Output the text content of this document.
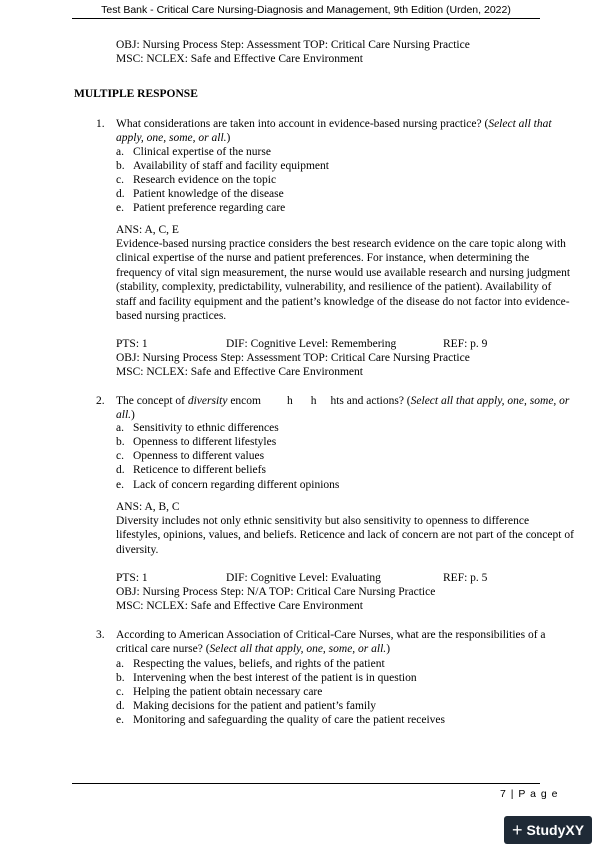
Test Bank - Critical Care Nursing-Diagnosis and Management, 9th Edition (Urden, 2022)
OBJ: Nursing Process Step: Assessment TOP: Critical Care Nursing Practice
MSC: NCLEX: Safe and Effective Care Environment
MULTIPLE RESPONSE
1. What considerations are taken into account in evidence-based nursing practice? (Select all that apply, one, some, or all.)
a. Clinical expertise of the nurse
b. Availability of staff and facility equipment
c. Research evidence on the topic
d. Patient knowledge of the disease
e. Patient preference regarding care
ANS: A, C, E
Evidence-based nursing practice considers the best research evidence on the care topic along with clinical expertise of the nurse and patient preferences. For instance, when determining the frequency of vital sign measurement, the nurse would use available research and nursing judgment (stability, complexity, predictability, vulnerability, and resilience of the patient). Availability of staff and facility equipment and the patient’s knowledge of the disease do not factor into evidence-based nursing practices.
PTS: 1	DIF: Cognitive Level: Remembering	REF: p. 9
OBJ: Nursing Process Step: Assessment TOP: Critical Care Nursing Practice
MSC: NCLEX: Safe and Effective Care Environment
2. The concept of diversity encom h h hts and actions? (Select all that apply, one, some, or all.)
a. Sensitivity to ethnic differences
b. Openness to different lifestyles
c. Openness to different values
d. Reticence to different beliefs
e. Lack of concern regarding different opinions
ANS: A, B, C
Diversity includes not only ethnic sensitivity but also sensitivity to openness to difference lifestyles, opinions, values, and beliefs. Reticence and lack of concern are not part of the concept of diversity.
PTS: 1	DIF: Cognitive Level: Evaluating	REF: p. 5
OBJ: Nursing Process Step: N/A TOP: Critical Care Nursing Practice
MSC: NCLEX: Safe and Effective Care Environment
3. According to American Association of Critical-Care Nurses, what are the responsibilities of a critical care nurse? (Select all that apply, one, some, or all.)
a. Respecting the values, beliefs, and rights of the patient
b. Intervening when the best interest of the patient is in question
c. Helping the patient obtain necessary care
d. Making decisions for the patient and patient’s family
e. Monitoring and safeguarding the quality of care the patient receives
7 | P a g e
+ StudyXY
